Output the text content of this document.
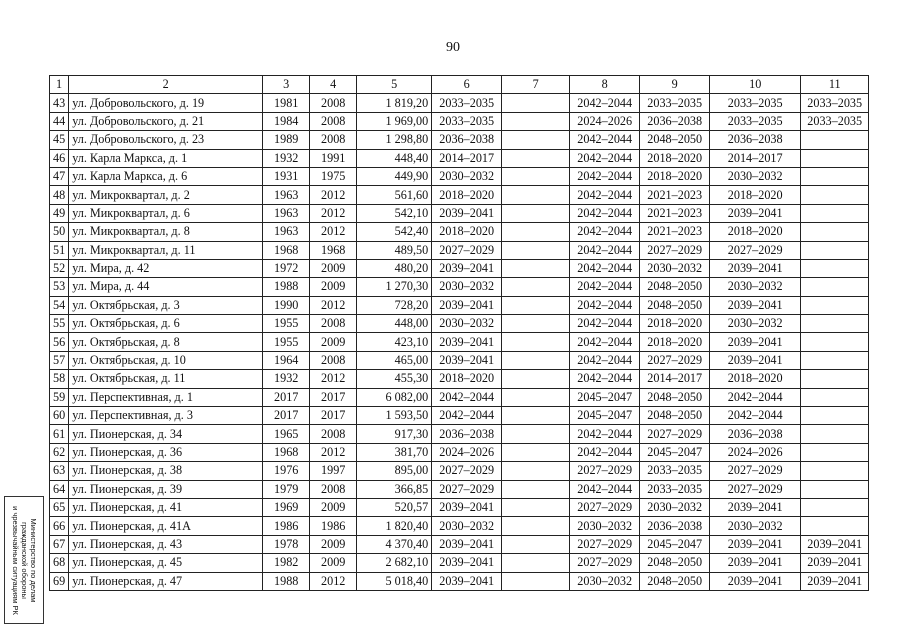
90
1	2	3	4	5	6	7	8	9	10	11
43	ул. Добровольского, д. 19	1981	2008	1 819,20	2033–2035		2042–2044	2033–2035	2033–2035	2033–2035
44	ул. Добровольского, д. 21	1984	2008	1 969,00	2033–2035		2024–2026	2036–2038	2033–2035	2033–2035
45	ул. Добровольского, д. 23	1989	2008	1 298,80	2036–2038		2042–2044	2048–2050	2036–2038	
46	ул. Карла Маркса, д. 1	1932	1991	448,40	2014–2017		2042–2044	2018–2020	2014–2017	
47	ул. Карла Маркса, д. 6	1931	1975	449,90	2030–2032		2042–2044	2018–2020	2030–2032	
48	ул. Микроквартал, д. 2	1963	2012	561,60	2018–2020		2042–2044	2021–2023	2018–2020	
49	ул. Микроквартал, д. 6	1963	2012	542,10	2039–2041		2042–2044	2021–2023	2039–2041	
50	ул. Микроквартал, д. 8	1963	2012	542,40	2018–2020		2042–2044	2021–2023	2018–2020	
51	ул. Микроквартал, д. 11	1968	1968	489,50	2027–2029		2042–2044	2027–2029	2027–2029	
52	ул. Мира, д. 42	1972	2009	480,20	2039–2041		2042–2044	2030–2032	2039–2041	
53	ул. Мира, д. 44	1988	2009	1 270,30	2030–2032		2042–2044	2048–2050	2030–2032	
54	ул. Октябрьская, д. 3	1990	2012	728,20	2039–2041		2042–2044	2048–2050	2039–2041	
55	ул. Октябрьская, д. 6	1955	2008	448,00	2030–2032		2042–2044	2018–2020	2030–2032	
56	ул. Октябрьская, д. 8	1955	2009	423,10	2039–2041		2042–2044	2018–2020	2039–2041	
57	ул. Октябрьская, д. 10	1964	2008	465,00	2039–2041		2042–2044	2027–2029	2039–2041	
58	ул. Октябрьская, д. 11	1932	2012	455,30	2018–2020		2042–2044	2014–2017	2018–2020	
59	ул. Перспективная, д. 1	2017	2017	6 082,00	2042–2044		2045–2047	2048–2050	2042–2044	
60	ул. Перспективная, д. 3	2017	2017	1 593,50	2042–2044		2045–2047	2048–2050	2042–2044	
61	ул. Пионерская, д. 34	1965	2008	917,30	2036–2038		2042–2044	2027–2029	2036–2038	
62	ул. Пионерская, д. 36	1968	2012	381,70	2024–2026		2042–2044	2045–2047	2024–2026	
63	ул. Пионерская, д. 38	1976	1997	895,00	2027–2029		2027–2029	2033–2035	2027–2029	
64	ул. Пионерская, д. 39	1979	2008	366,85	2027–2029		2042–2044	2033–2035	2027–2029	
65	ул. Пионерская, д. 41	1969	2009	520,57	2039–2041		2027–2029	2030–2032	2039–2041	
66	ул. Пионерская, д. 41А	1986	1986	1 820,40	2030–2032		2030–2032	2036–2038	2030–2032	
67	ул. Пионерская, д. 43	1978	2009	4 370,40	2039–2041		2027–2029	2045–2047	2039–2041	2039–2041
68	ул. Пионерская, д. 45	1982	2009	2 682,10	2039–2041		2027–2029	2048–2050	2039–2041	2039–2041
69	ул. Пионерская, д. 47	1988	2012	5 018,40	2039–2041		2030–2032	2048–2050	2039–2041	2039–2041
Министерство по делам
гражданской обороны
и чрезвычайным ситуациям РК
